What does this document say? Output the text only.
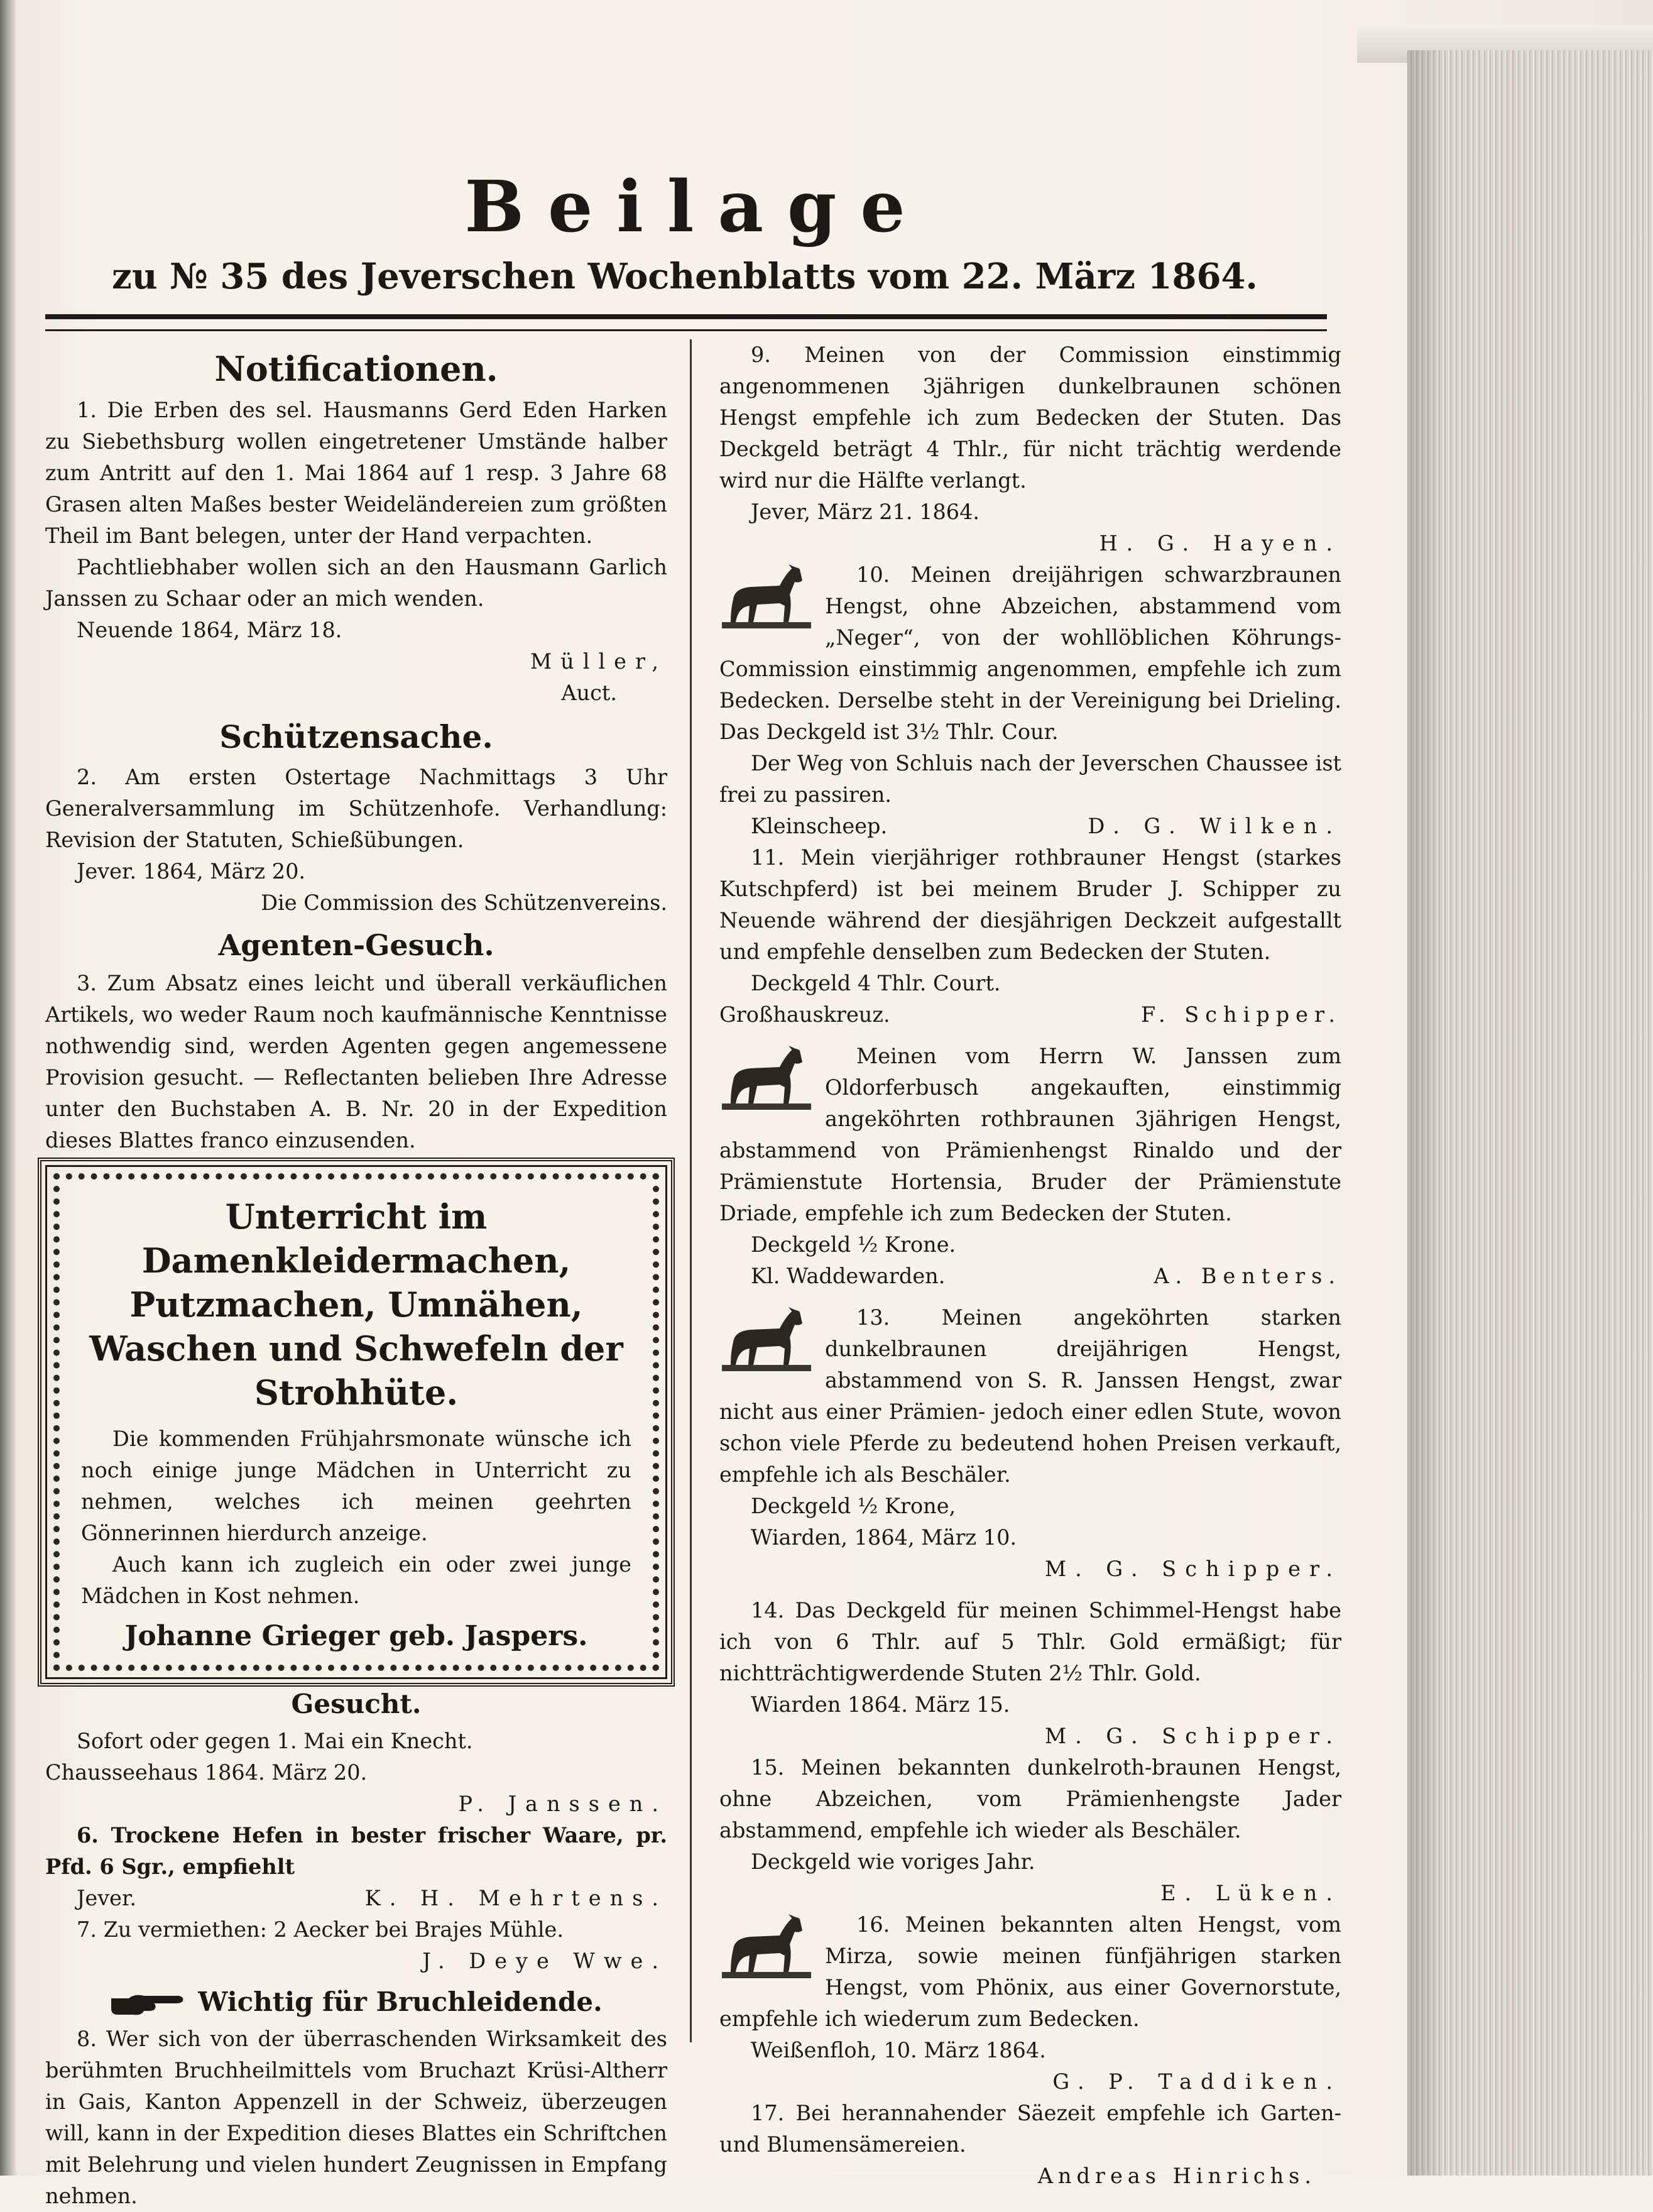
Beilage

zu № 35 des Jeverschen Wochenblatts vom 22. März 1864.

Notificationen.

1. Die Erben des sel. Hausmanns Gerd Eden Harken zu Siebethsburg wollen eingetretener Umstände halber zum Antritt auf den 1. Mai 1864 auf 1 resp. 3 Jahre 68 Grasen alten Maßes bester Weideländereien zum größten Theil im Bant belegen, unter der Hand verpachten.

Pachtliebhaber wollen sich an den Hausmann Garlich Janssen zu Schaar oder an mich wenden.

Neuende 1864, März 18.

Müller,

Auct.

Schützensache.

2. Am ersten Ostertage Nachmittags 3 Uhr Generalversammlung im Schützenhofe. Verhandlung: Revision der Statuten, Schießübungen.

Jever. 1864, März 20.

Die Commission des Schützenvereins.

Agenten-Gesuch.

3. Zum Absatz eines leicht und überall verkäuflichen Artikels, wo weder Raum noch kaufmännische Kenntnisse nothwendig sind, werden Agenten gegen angemessene Provision gesucht. — Reflectanten belieben Ihre Adresse unter den Buchstaben A. B. Nr. 20 in der Expedition dieses Blattes franco einzusenden.

Unterricht im Damenkleidermachen, Putzmachen, Umnähen, Waschen und Schwefeln der Strohhüte.

Die kommenden Frühjahrsmonate wünsche ich noch einige junge Mädchen in Unterricht zu nehmen, welches ich meinen geehrten Gönnerinnen hierdurch anzeige.

Auch kann ich zugleich ein oder zwei junge Mädchen in Kost nehmen.

Johanne Grieger geb. Jaspers.

Gesucht.

Sofort oder gegen 1. Mai ein Knecht.

Chausseehaus 1864. März 20.

P. Janssen.

6. Trockene Hefen in bester frischer Waare, pr. Pfd. 6 Sgr., empfiehlt

Jever.	K. H. Mehrtens.

7. Zu vermiethen: 2 Aecker bei Brajes Mühle.

J. Deye Wwe.

Wichtig für Bruchleidende.

8. Wer sich von der überraschenden Wirksamkeit des berühmten Bruchheilmittels vom Bruchazt Krüsi-Altherr in Gais, Kanton Appenzell in der Schweiz, überzeugen will, kann in der Expedition dieses Blattes ein Schriftchen mit Belehrung und vielen hundert Zeugnissen in Empfang nehmen.

9. Meinen von der Commission einstimmig angenommenen 3jährigen dunkelbraunen schönen Hengst empfehle ich zum Bedecken der Stuten. Das Deckgeld beträgt 4 Thlr., für nicht trächtig werdende wird nur die Hälfte verlangt.

Jever, März 21. 1864.

H. G. Hayen.

10. Meinen dreijährigen schwarzbraunen Hengst, ohne Abzeichen, abstammend vom „Neger“, von der wohllöblichen Köhrungs-Commission einstimmig angenommen, empfehle ich zum Bedecken. Derselbe steht in der Vereinigung bei Drieling. Das Deckgeld ist 3½ Thlr. Cour.

Der Weg von Schluis nach der Jeverschen Chaussee ist frei zu passiren.

Kleinscheep.	D. G. Wilken.

11. Mein vierjähriger rothbrauner Hengst (starkes Kutschpferd) ist bei meinem Bruder J. Schipper zu Neuende während der diesjährigen Deckzeit aufgestallt und empfehle denselben zum Bedecken der Stuten.

Deckgeld 4 Thlr. Court.

Großhauskreuz.	F. Schipper.

Meinen vom Herrn W. Janssen zum Oldorferbusch angekauften, einstimmig angeköhrten rothbraunen 3jährigen Hengst, abstammend von Prämienhengst Rinaldo und der Prämienstute Hortensia, Bruder der Prämienstute Driade, empfehle ich zum Bedecken der Stuten.

Deckgeld ½ Krone.

Kl. Waddewarden.	A. Benters.

13. Meinen angeköhrten starken dunkelbraunen dreijährigen Hengst, abstammend von S. R. Janssen Hengst, zwar nicht aus einer Prämien- jedoch einer edlen Stute, wovon schon viele Pferde zu bedeutend hohen Preisen verkauft, empfehle ich als Beschäler.

Deckgeld ½ Krone,

Wiarden, 1864, März 10.

M. G. Schipper.

14. Das Deckgeld für meinen Schimmel-Hengst habe ich von 6 Thlr. auf 5 Thlr. Gold ermäßigt; für nichtträchtigwerdende Stuten 2½ Thlr. Gold.

Wiarden 1864. März 15.

M. G. Schipper.

15. Meinen bekannten dunkelroth-braunen Hengst, ohne Abzeichen, vom Prämienhengste Jader abstammend, empfehle ich wieder als Beschäler.

Deckgeld wie voriges Jahr.

E. Lüken.

16. Meinen bekannten alten Hengst, vom Mirza, sowie meinen fünfjährigen starken Hengst, vom Phönix, aus einer Governorstute, empfehle ich wiederum zum Bedecken.

Weißenfloh, 10. März 1864.

G. P. Taddiken.

17. Bei herannahender Säezeit empfehle ich Garten- und Blumensämereien.

Andreas Hinrichs.
